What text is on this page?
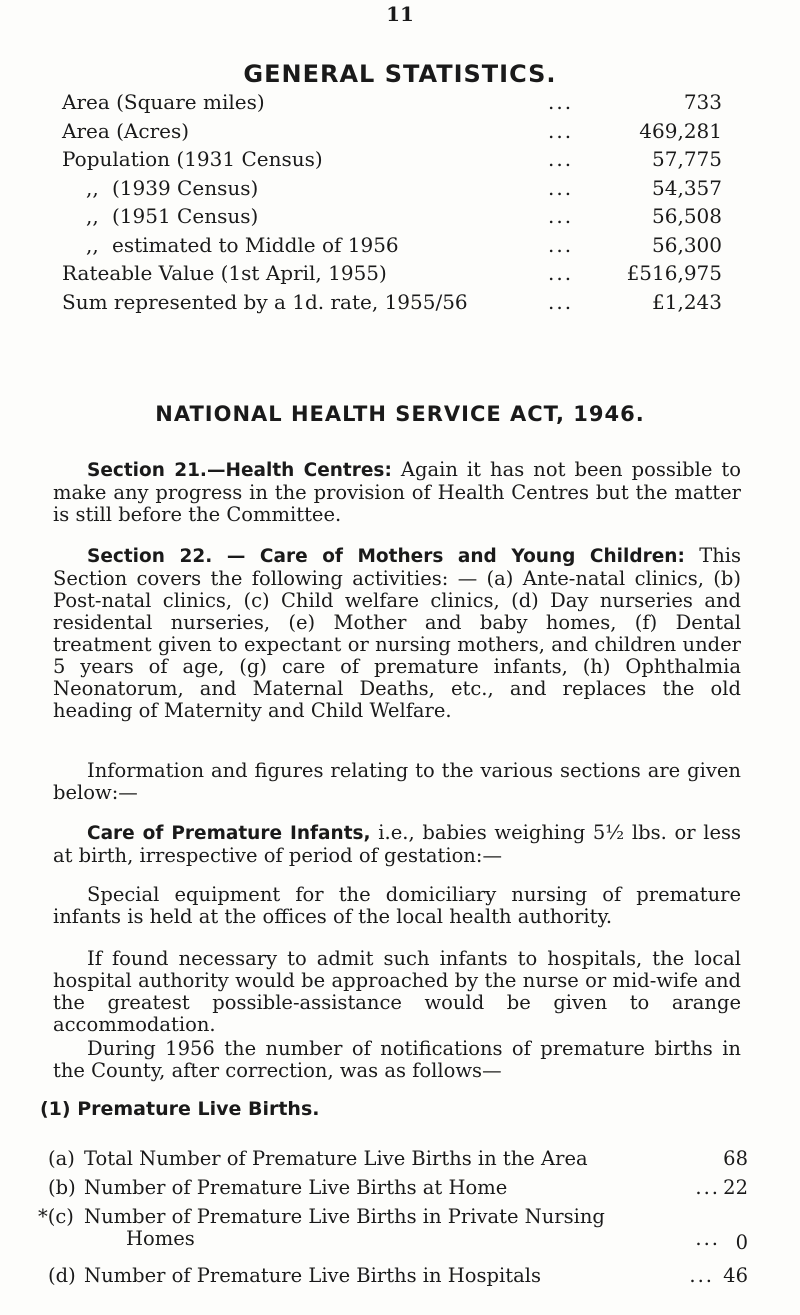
11
GENERAL STATISTICS.
Area (Square miles)	...	733
Area (Acres)	...	469,281
Population (1931 Census)	...	57,775
,, (1939 Census)	...	54,357
,, (1951 Census)	...	56,508
,, estimated to Middle of 1956	...	56,300
Rateable Value (1st April, 1955)	...	£516,975
Sum represented by a 1d. rate, 1955/56	...	£1,243
NATIONAL HEALTH SERVICE ACT, 1946.
Section 21.—Health Centres: Again it has not been possible to make any progress in the provision of Health Centres but the matter is still before the Committee.
Section 22. — Care of Mothers and Young Children: This Section covers the following activities: — (a) Ante-natal clinics, (b) Post-natal clinics, (c) Child welfare clinics, (d) Day nurseries and residental nurseries, (e) Mother and baby homes, (f) Dental treatment given to expectant or nursing mothers, and children under 5 years of age, (g) care of premature infants, (h) Ophthalmia Neonatorum, and Maternal Deaths, etc., and replaces the old heading of Maternity and Child Welfare.
Information and figures relating to the various sections are given below:—
Care of Premature Infants, i.e., babies weighing 5½ lbs. or less at birth, irrespective of period of gestation:—
Special equipment for the domiciliary nursing of premature infants is held at the offices of the local health authority.
If found necessary to admit such infants to hospitals, the local hospital authority would be approached by the nurse or mid-wife and the greatest possible-assistance would be given to arange accommodation.
During 1956 the number of notifications of premature births in the County, after correction, was as follows—
(1) Premature Live Births.
(a) Total Number of Premature Live Births in the Area	68
(b) Number of Premature Live Births at Home	... 22
*(c) Number of Premature Live Births in Private Nursing
Homes	... 0
(d) Number of Premature Live Births in Hospitals	... 46
